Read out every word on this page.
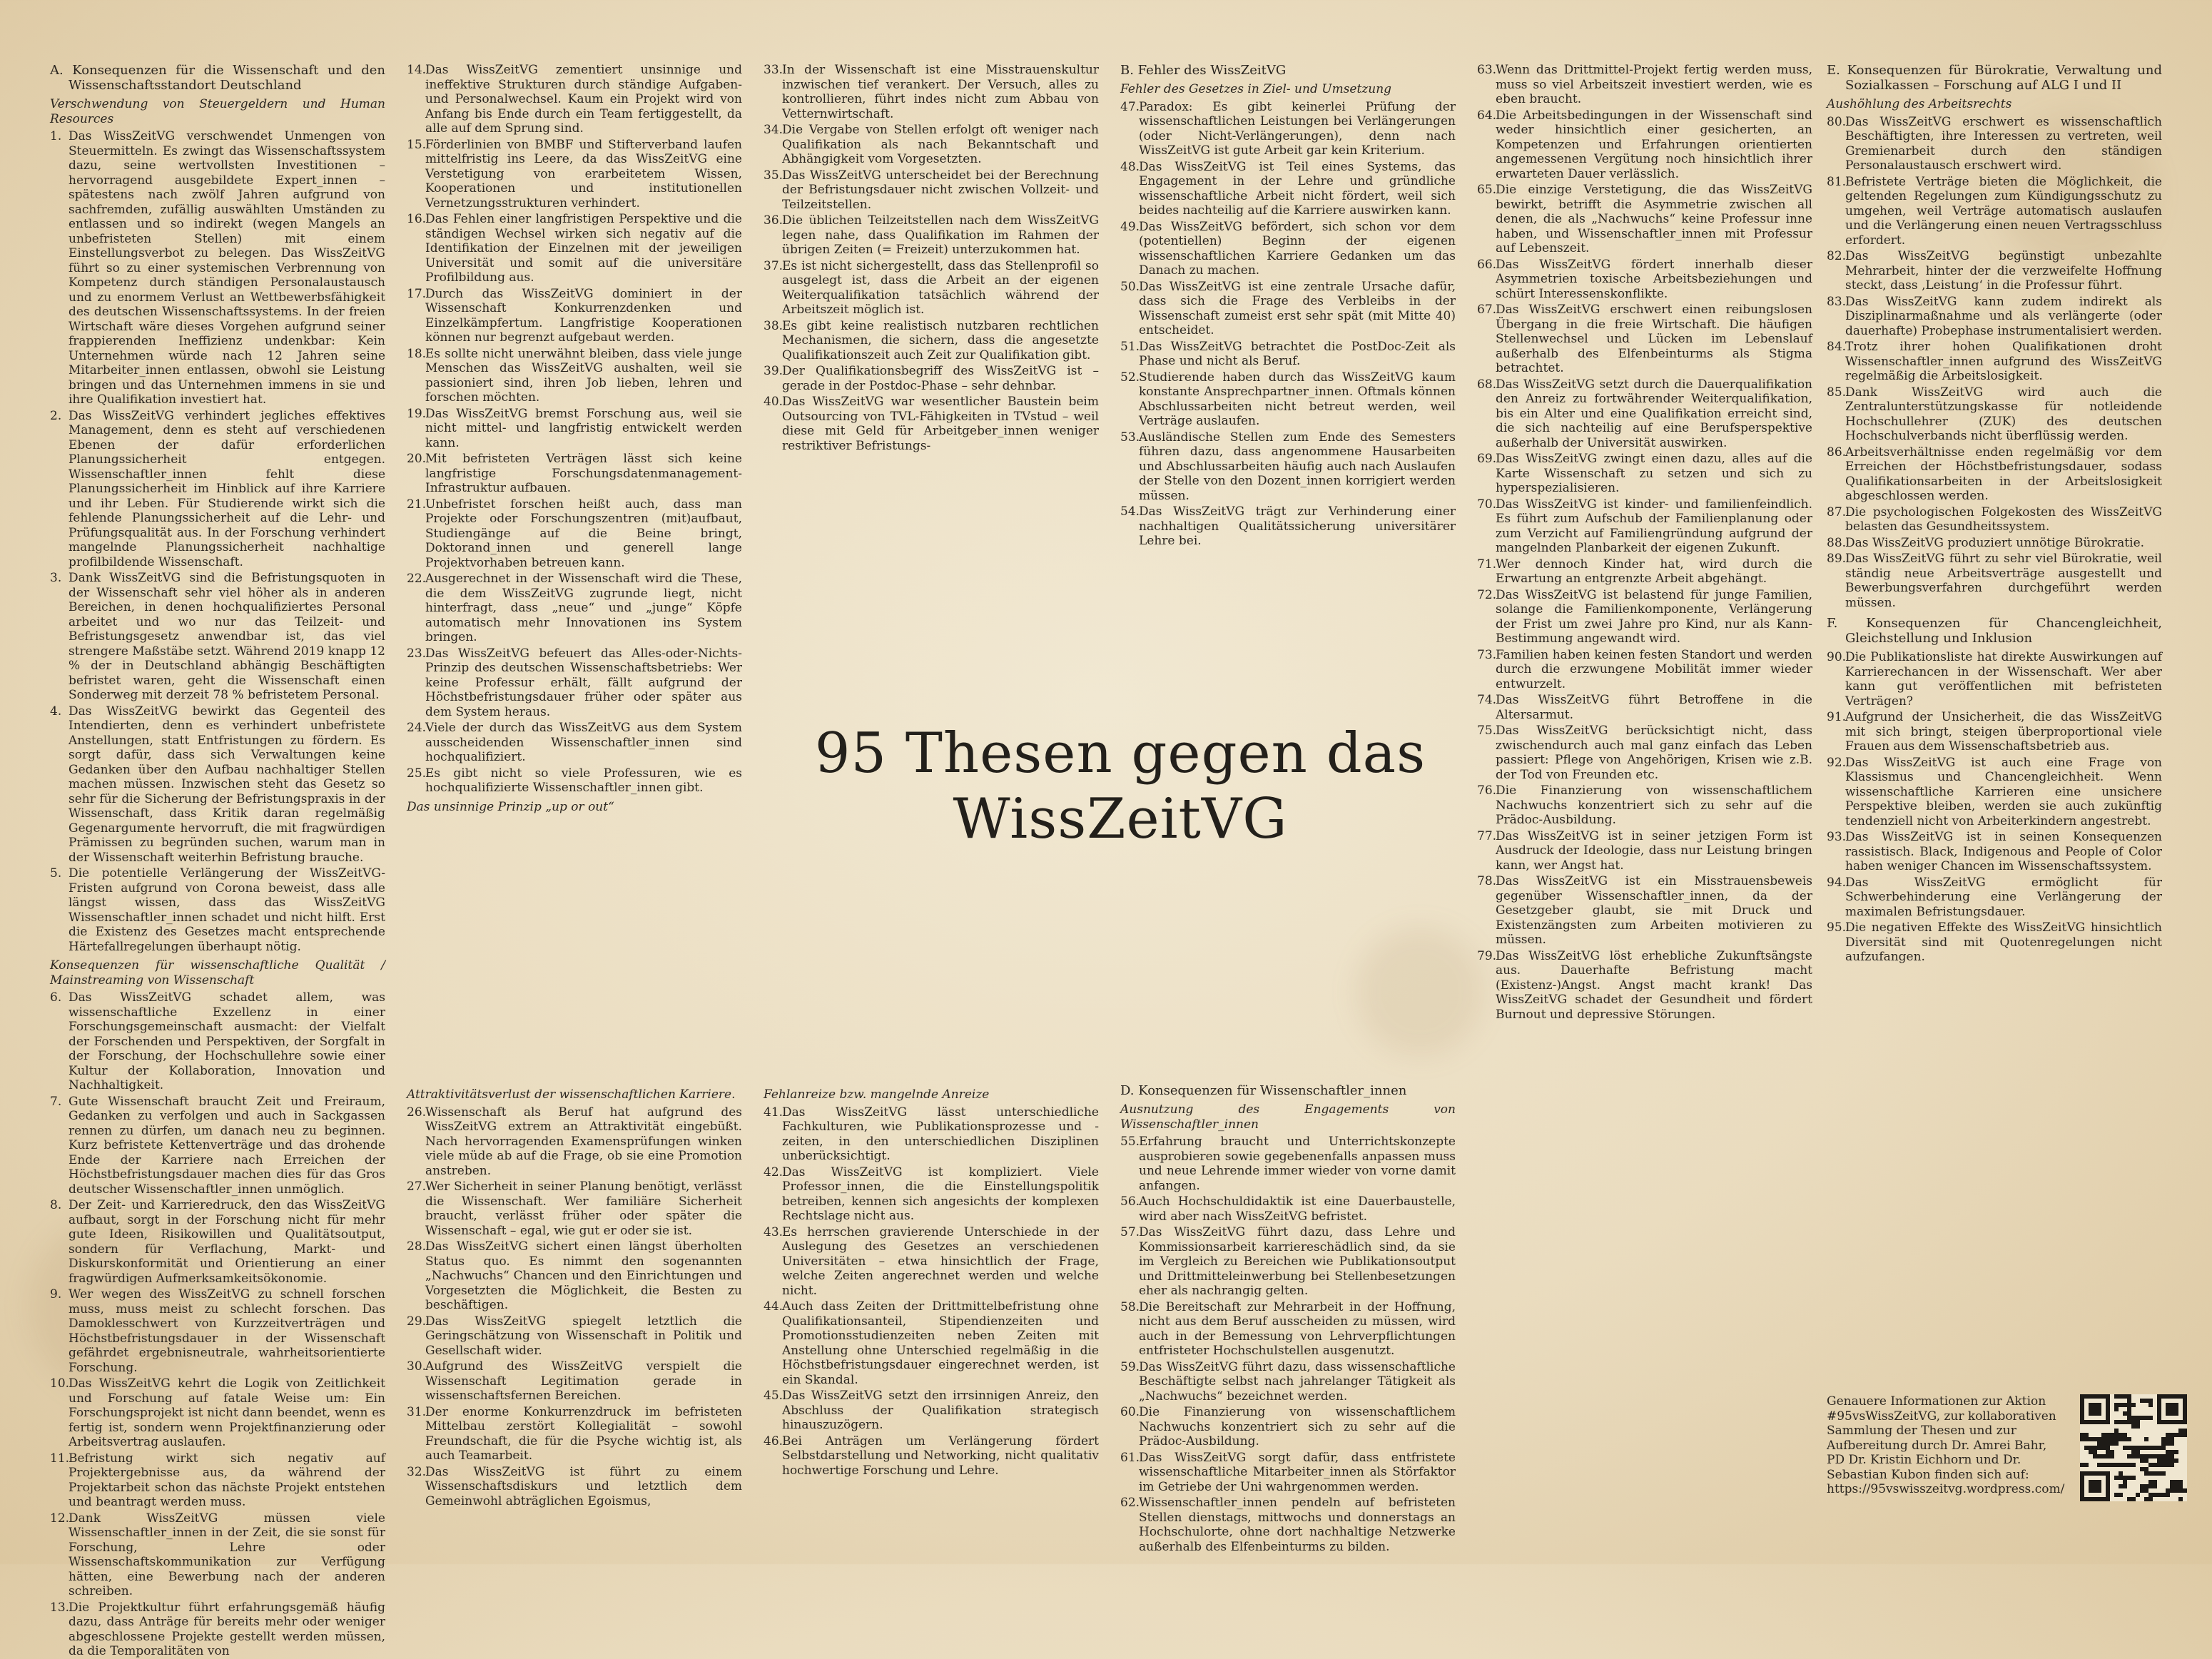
A. Konsequenzen für die Wissenschaft und den Wissenschaftsstandort Deutschland
Verschwendung von Steuergeldern und Human Resources
1. Das WissZeitVG verschwendet Unmengen von Steuermitteln. Es zwingt das Wissenschaftssystem dazu, seine wertvollsten Investitionen – hervorragend ausgebildete Expert_innen – spätestens nach zwölf Jahren aufgrund von sachfremden, zufällig auswählten Umständen zu entlassen und so indirekt (wegen Mangels an unbefristeten Stellen) mit einem Einstellungsverbot zu belegen. Das WissZeitVG führt so zu einer systemischen Verbrennung von Kompetenz durch ständigen Personalaustausch und zu enormem Verlust an Wettbewerbsfähigkeit des deutschen Wissenschaftssystems. In der freien Wirtschaft wäre dieses Vorgehen aufgrund seiner frappierenden Ineffizienz undenkbar: Kein Unternehmen würde nach 12 Jahren seine Mitarbeiter_innen entlassen, obwohl sie Leistung bringen und das Unternehmen immens in sie und ihre Qualifikation investiert hat.
2. Das WissZeitVG verhindert jegliches effektives Management, denn es steht auf verschiedenen Ebenen der dafür erforderlichen Planungssicherheit entgegen. Wissenschaftler_innen fehlt diese Planungssicherheit im Hinblick auf ihre Karriere und ihr Leben. Für Studierende wirkt sich die fehlende Planungssicherheit auf die Lehr- und Prüfungsqualität aus. In der Forschung verhindert mangelnde Planungssicherheit nachhaltige profilbildende Wissenschaft.
3. Dank WissZeitVG sind die Befristungsquoten in der Wissenschaft sehr viel höher als in anderen Bereichen, in denen hochqualifiziertes Personal arbeitet und wo nur das Teilzeit- und Befristungsgesetz anwendbar ist, das viel strengere Maßstäbe setzt. Während 2019 knapp 12 % der in Deutschland abhängig Beschäftigten befristet waren, geht die Wissenschaft einen Sonderweg mit derzeit 78 % befristetem Personal.
4. Das WissZeitVG bewirkt das Gegenteil des Intendierten, denn es verhindert unbefristete Anstellungen, statt Entfristungen zu fördern. Es sorgt dafür, dass sich Verwaltungen keine Gedanken über den Aufbau nachhaltiger Stellen machen müssen. Inzwischen steht das Gesetz so sehr für die Sicherung der Befristungspraxis in der Wissenschaft, dass Kritik daran regelmäßig Gegenargumente hervorruft, die mit fragwürdigen Prämissen zu begründen suchen, warum man in der Wissenschaft weiterhin Befristung brauche.
5. Die potentielle Verlängerung der WissZeitVG-Fristen aufgrund von Corona beweist, dass alle längst wissen, dass das WissZeitVG Wissenschaftler_innen schadet und nicht hilft. Erst die Existenz des Gesetzes macht entsprechende Härtefallregelungen überhaupt nötig.
Konsequenzen für wissenschaftliche Qualität / Mainstreaming von Wissenschaft
6. Das WissZeitVG schadet allem, was wissenschaftliche Exzellenz in einer Forschungsgemeinschaft ausmacht: der Vielfalt der Forschenden und Perspektiven, der Sorgfalt in der Forschung, der Hochschullehre sowie einer Kultur der Kollaboration, Innovation und Nachhaltigkeit.
7. Gute Wissenschaft braucht Zeit und Freiraum, Gedanken zu verfolgen und auch in Sackgassen rennen zu dürfen, um danach neu zu beginnen. Kurz befristete Kettenverträge und das drohende Ende der Karriere nach Erreichen der Höchstbefristungsdauer machen dies für das Gros deutscher Wissenschaftler_innen unmöglich.
8. Der Zeit- und Karrieredruck, den das WissZeitVG aufbaut, sorgt in der Forschung nicht für mehr gute Ideen, Risikowillen und Qualitätsoutput, sondern für Verflachung, Markt- und Diskurskonformität und Orientierung an einer fragwürdigen Aufmerksamkeitsökonomie.
9. Wer wegen des WissZeitVG zu schnell forschen muss, muss meist zu schlecht forschen. Das Damoklesschwert von Kurzzeitverträgen und Höchstbefristungsdauer in der Wissenschaft gefährdet ergebnisneutrale, wahrheitsorientierte Forschung.
10.Das WissZeitVG kehrt die Logik von Zeitlichkeit und Forschung auf fatale Weise um: Ein Forschungsprojekt ist nicht dann beendet, wenn es fertig ist, sondern wenn Projektfinanzierung oder Arbeitsvertrag auslaufen.
11.Befristung wirkt sich negativ auf Projektergebnisse aus, da während der Projektarbeit schon das nächste Projekt entstehen und beantragt werden muss.
12.Dank WissZeitVG müssen viele Wissenschaftler_innen in der Zeit, die sie sonst für Forschung, Lehre oder Wissenschaftskommunikation zur Verfügung hätten, eine Bewerbung nach der anderen schreiben.
13.Die Projektkultur führt erfahrungsgemäß häufig dazu, dass Anträge für bereits mehr oder weniger abgeschlossene Projekte gestellt werden müssen, da die Temporalitäten von
14.Das WissZeitVG zementiert unsinnige und ineffektive Strukturen durch ständige Aufgaben- und Personalwechsel. Kaum ein Projekt wird von Anfang bis Ende durch ein Team fertiggestellt, da alle auf dem Sprung sind.
15.Förderlinien von BMBF und Stifterverband laufen mittelfristig ins Leere, da das WissZeitVG eine Verstetigung von erarbeitetem Wissen, Kooperationen und institutionellen Vernetzungsstrukturen verhindert.
16.Das Fehlen einer langfristigen Perspektive und die ständigen Wechsel wirken sich negativ auf die Identifikation der Einzelnen mit der jeweiligen Universität und somit auf die universitäre Profilbildung aus.
17.Durch das WissZeitVG dominiert in der Wissenschaft Konkurrenzdenken und Einzelkämpfertum. Langfristige Kooperationen können nur begrenzt aufgebaut werden.
18.Es sollte nicht unerwähnt bleiben, dass viele junge Menschen das WissZeitVG aushalten, weil sie passioniert sind, ihren Job lieben, lehren und forschen möchten.
19.Das WissZeitVG bremst Forschung aus, weil sie nicht mittel- und langfristig entwickelt werden kann.
20.Mit befristeten Verträgen lässt sich keine langfristige Forschungsdatenmanagement-Infrastruktur aufbauen.
21.Unbefristet forschen heißt auch, dass man Projekte oder Forschungszentren (mit)aufbaut, Studiengänge auf die Beine bringt, Doktorand_innen und generell lange Projektvorhaben betreuen kann.
22.Ausgerechnet in der Wissenschaft wird die These, die dem WissZeitVG zugrunde liegt, nicht hinterfragt, dass „neue“ und „junge“ Köpfe automatisch mehr Innovationen ins System bringen.
23.Das WissZeitVG befeuert das Alles-oder-Nichts-Prinzip des deutschen Wissenschaftsbetriebs: Wer keine Professur erhält, fällt aufgrund der Höchstbefristungsdauer früher oder später aus dem System heraus.
24.Viele der durch das WissZeitVG aus dem System ausscheidenden Wissenschaftler_innen sind hochqualifiziert.
25.Es gibt nicht so viele Professuren, wie es hochqualifizierte Wissenschaftler_innen gibt.
Das unsinnige Prinzip „up or out“
Attraktivitätsverlust der wissenschaftlichen Karriere.
26.Wissenschaft als Beruf hat aufgrund des WissZeitVG extrem an Attraktivität eingebüßt. Nach hervorragenden Examensprüfungen winken viele müde ab auf die Frage, ob sie eine Promotion anstreben.
27.Wer Sicherheit in seiner Planung benötigt, verlässt die Wissenschaft. Wer familiäre Sicherheit braucht, verlässt früher oder später die Wissenschaft – egal, wie gut er oder sie ist.
28.Das WissZeitVG sichert einen längst überholten Status quo. Es nimmt den sogenannten „Nachwuchs“ Chancen und den Einrichtungen und Vorgesetzten die Möglichkeit, die Besten zu beschäftigen.
29.Das WissZeitVG spiegelt letztlich die Geringschätzung von Wissenschaft in Politik und Gesellschaft wider.
30.Aufgrund des WissZeitVG verspielt die Wissenschaft Legitimation gerade in wissenschaftsfernen Bereichen.
31.Der enorme Konkurrenzdruck im befristeten Mittelbau zerstört Kollegialität – sowohl Freundschaft, die für die Psyche wichtig ist, als auch Teamarbeit.
32.Das WissZeitVG ist führt zu einem Wissenschaftsdiskurs und letztlich dem Gemeinwohl abträglichen Egoismus,
33.In der Wissenschaft ist eine Misstrauenskultur inzwischen tief verankert. Der Versuch, alles zu kontrollieren, führt indes nicht zum Abbau von Vetternwirtschaft.
34.Die Vergabe von Stellen erfolgt oft weniger nach Qualifikation als nach Bekanntschaft und Abhängigkeit vom Vorgesetzten.
35.Das WissZeitVG unterscheidet bei der Berechnung der Befristungsdauer nicht zwischen Vollzeit- und Teilzeitstellen.
36.Die üblichen Teilzeitstellen nach dem WissZeitVG legen nahe, dass Qualifikation im Rahmen der übrigen Zeiten (= Freizeit) unterzukommen hat.
37.Es ist nicht sichergestellt, dass das Stellenprofil so ausgelegt ist, dass die Arbeit an der eigenen Weiterqualifikation tatsächlich während der Arbeitszeit möglich ist.
38.Es gibt keine realistisch nutzbaren rechtlichen Mechanismen, die sichern, dass die angesetzte Qualifikationszeit auch Zeit zur Qualifikation gibt.
39.Der Qualifikationsbegriff des WissZeitVG ist – gerade in der Postdoc-Phase – sehr dehnbar.
40.Das WissZeitVG war wesentlicher Baustein beim Outsourcing von TVL-Fähigkeiten in TVstud – weil diese mit Geld für Arbeitgeber_innen weniger restriktiver Befristungs-
Fehlanreize bzw. mangelnde Anreize
41.Das WissZeitVG lässt unterschiedliche Fachkulturen, wie Publikationsprozesse und -zeiten, in den unterschiedlichen Disziplinen unberücksichtigt.
42.Das WissZeitVG ist kompliziert. Viele Professor_innen, die die Einstellungspolitik betreiben, kennen sich angesichts der komplexen Rechtslage nicht aus.
43.Es herrschen gravierende Unterschiede in der Auslegung des Gesetzes an verschiedenen Universitäten – etwa hinsichtlich der Frage, welche Zeiten angerechnet werden und welche nicht.
44.Auch dass Zeiten der Drittmittelbefristung ohne Qualifikationsanteil, Stipendienzeiten und Promotionsstudienzeiten neben Zeiten mit Anstellung ohne Unterschied regelmäßig in die Höchstbefristungsdauer eingerechnet werden, ist ein Skandal.
45.Das WissZeitVG setzt den irrsinnigen Anreiz, den Abschluss der Qualifikation strategisch hinauszuzögern.
46.Bei Anträgen um Verlängerung fördert Selbstdarstellung und Networking, nicht qualitativ hochwertige Forschung und Lehre.
B. Fehler des WissZeitVG
Fehler des Gesetzes in Ziel- und Umsetzung
47.Paradox: Es gibt keinerlei Prüfung der wissenschaftlichen Leistungen bei Verlängerungen (oder Nicht-Verlängerungen), denn nach WissZeitVG ist gute Arbeit gar kein Kriterium.
48.Das WissZeitVG ist Teil eines Systems, das Engagement in der Lehre und gründliche wissenschaftliche Arbeit nicht fördert, weil sich beides nachteilig auf die Karriere auswirken kann.
49.Das WissZeitVG befördert, sich schon vor dem (potentiellen) Beginn der eigenen wissenschaftlichen Karriere Gedanken um das Danach zu machen.
50.Das WissZeitVG ist eine zentrale Ursache dafür, dass sich die Frage des Verbleibs in der Wissenschaft zumeist erst sehr spät (mit Mitte 40) entscheidet.
51.Das WissZeitVG betrachtet die PostDoc-Zeit als Phase und nicht als Beruf.
52.Studierende haben durch das WissZeitVG kaum konstante Ansprechpartner_innen. Oftmals können Abschlussarbeiten nicht betreut werden, weil Verträge auslaufen.
53.Ausländische Stellen zum Ende des Semesters führen dazu, dass angenommene Hausarbeiten und Abschlussarbeiten häufig auch nach Auslaufen der Stelle von den Dozent_innen korrigiert werden müssen.
54.Das WissZeitVG trägt zur Verhinderung einer nachhaltigen Qualitätssicherung universitärer Lehre bei.
D. Konsequenzen für Wissenschaftler_innen
Ausnutzung des Engagements von Wissenschaftler_innen
55.Erfahrung braucht und Unterrichtskonzepte ausprobieren sowie gegebenenfalls anpassen muss und neue Lehrende immer wieder von vorne damit anfangen.
56.Auch Hochschuldidaktik ist eine Dauerbaustelle, wird aber nach WissZeitVG befristet.
57.Das WissZeitVG führt dazu, dass Lehre und Kommissionsarbeit karriereschädlich sind, da sie im Vergleich zu Bereichen wie Publikationsoutput und Drittmitteleinwerbung bei Stellenbesetzungen eher als nachrangig gelten.
58.Die Bereitschaft zur Mehrarbeit in der Hoffnung, nicht aus dem Beruf ausscheiden zu müssen, wird auch in der Bemessung von Lehrverpflichtungen entfristeter Hochschulstellen ausgenutzt.
59.Das WissZeitVG führt dazu, dass wissenschaftliche Beschäftigte selbst nach jahrelanger Tätigkeit als „Nachwuchs“ bezeichnet werden.
60.Die Finanzierung von wissenschaftlichem Nachwuchs konzentriert sich zu sehr auf die Prädoc-Ausbildung.
61.Das WissZeitVG sorgt dafür, dass entfristete wissenschaftliche Mitarbeiter_innen als Störfaktor im Getriebe der Uni wahrgenommen werden.
62.Wissenschaftler_innen pendeln auf befristeten Stellen dienstags, mittwochs und donnerstags an Hochschulorte, ohne dort nachhaltige Netzwerke außerhalb des Elfenbeinturms zu bilden.
63.Wenn das Drittmittel-Projekt fertig werden muss, muss so viel Arbeitszeit investiert werden, wie es eben braucht.
64.Die Arbeitsbedingungen in der Wissenschaft sind weder hinsichtlich einer gesicherten, an Kompetenzen und Erfahrungen orientierten angemessenen Vergütung noch hinsichtlich ihrer erwarteten Dauer verlässlich.
65.Die einzige Verstetigung, die das WissZeitVG bewirkt, betrifft die Asymmetrie zwischen all denen, die als „Nachwuchs“ keine Professur inne haben, und Wissenschaftler_innen mit Professur auf Lebenszeit.
66.Das WissZeitVG fördert innerhalb dieser Asymmetrien toxische Arbeitsbeziehungen und schürt Interessenskonflikte.
67.Das WissZeitVG erschwert einen reibungslosen Übergang in die freie Wirtschaft. Die häufigen Stellenwechsel und Lücken im Lebenslauf außerhalb des Elfenbeinturms als Stigma betrachtet.
68.Das WissZeitVG setzt durch die Dauerqualifikation den Anreiz zu fortwährender Weiterqualifikation, bis ein Alter und eine Qualifikation erreicht sind, die sich nachteilig auf eine Berufsperspektive außerhalb der Universität auswirken.
69.Das WissZeitVG zwingt einen dazu, alles auf die Karte Wissenschaft zu setzen und sich zu hyperspezialisieren.
70.Das WissZeitVG ist kinder- und familienfeindlich. Es führt zum Aufschub der Familienplanung oder zum Verzicht auf Familiengründung aufgrund der mangelnden Planbarkeit der eigenen Zukunft.
71.Wer dennoch Kinder hat, wird durch die Erwartung an entgrenzte Arbeit abgehängt.
72.Das WissZeitVG ist belastend für junge Familien, solange die Familienkomponente, Verlängerung der Frist um zwei Jahre pro Kind, nur als Kann-Bestimmung angewandt wird.
73.Familien haben keinen festen Standort und werden durch die erzwungene Mobilität immer wieder entwurzelt.
74.Das WissZeitVG führt Betroffene in die Altersarmut.
75.Das WissZeitVG berücksichtigt nicht, dass zwischendurch auch mal ganz einfach das Leben passiert: Pflege von Angehörigen, Krisen wie z.B. der Tod von Freunden etc.
76.Die Finanzierung von wissenschaftlichem Nachwuchs konzentriert sich zu sehr auf die Prädoc-Ausbildung.
77.Das WissZeitVG ist in seiner jetzigen Form ist Ausdruck der Ideologie, dass nur Leistung bringen kann, wer Angst hat.
78.Das WissZeitVG ist ein Misstrauensbeweis gegenüber Wissenschaftler_innen, da der Gesetzgeber glaubt, sie mit Druck und Existenzängsten zum Arbeiten motivieren zu müssen.
79.Das WissZeitVG löst erhebliche Zukunftsängste aus. Dauerhafte Befristung macht (Existenz-)Angst. Angst macht krank! Das WissZeitVG schadet der Gesundheit und fördert Burnout und depressive Störungen.
E. Konsequenzen für Bürokratie, Verwaltung und Sozialkassen – Forschung auf ALG I und II
Aushöhlung des Arbeitsrechts
80.Das WissZeitVG erschwert es wissenschaftlich Beschäftigten, ihre Interessen zu vertreten, weil Gremienarbeit durch den ständigen Personalaustausch erschwert wird.
81.Befristete Verträge bieten die Möglichkeit, die geltenden Regelungen zum Kündigungsschutz zu umgehen, weil Verträge automatisch auslaufen und die Verlängerung einen neuen Vertragsschluss erfordert.
82.Das WissZeitVG begünstigt unbezahlte Mehrarbeit, hinter der die verzweifelte Hoffnung steckt, dass ‚Leistung‘ in die Professur führt.
83.Das WissZeitVG kann zudem indirekt als Disziplinarmaßnahme und als verlängerte (oder dauerhafte) Probephase instrumentalisiert werden.
84.Trotz ihrer hohen Qualifikationen droht Wissenschaftler_innen aufgrund des WissZeitVG regelmäßig die Arbeitslosigkeit.
85.Dank WissZeitVG wird auch die Zentralunterstützungskasse für notleidende Hochschullehrer (ZUK) des deutschen Hochschulverbands nicht überflüssig werden.
86.Arbeitsverhältnisse enden regelmäßig vor dem Erreichen der Höchstbefristungsdauer, sodass Qualifikationsarbeiten in der Arbeitslosigkeit abgeschlossen werden.
87.Die psychologischen Folgekosten des WissZeitVG belasten das Gesundheitssystem.
88.Das WissZeitVG produziert unnötige Bürokratie.
89.Das WissZeitVG führt zu sehr viel Bürokratie, weil ständig neue Arbeitsverträge ausgestellt und Bewerbungsverfahren durchgeführt werden müssen.
F. Konsequenzen für Chancengleichheit, Gleichstellung und Inklusion
90.Die Publikationsliste hat direkte Auswirkungen auf Karrierechancen in der Wissenschaft. Wer aber kann gut veröffentlichen mit befristeten Verträgen?
91.Aufgrund der Unsicherheit, die das WissZeitVG mit sich bringt, steigen überproportional viele Frauen aus dem Wissenschaftsbetrieb aus.
92.Das WissZeitVG ist auch eine Frage von Klassismus und Chancengleichheit. Wenn wissenschaftliche Karrieren eine unsichere Perspektive bleiben, werden sie auch zukünftig tendenziell nicht von Arbeiterkindern angestrebt.
93.Das WissZeitVG ist in seinen Konsequenzen rassistisch. Black, Indigenous and People of Color haben weniger Chancen im Wissenschaftssystem.
94.Das WissZeitVG ermöglicht für Schwerbehinderung eine Verlängerung der maximalen Befristungsdauer.
95.Die negativen Effekte des WissZeitVG hinsichtlich Diversität sind mit Quotenregelungen nicht aufzufangen.
Genauere Informationen zur Aktion #95vsWissZeitVG, zur kollaborativen Sammlung der Thesen und zur Aufbereitung durch Dr. Amrei Bahr, PD Dr. Kristin Eichhorn und Dr. Sebastian Kubon finden sich auf: https://95vswisszeitvg.wordpress.com/
95 Thesen gegen das
WissZeitVG
